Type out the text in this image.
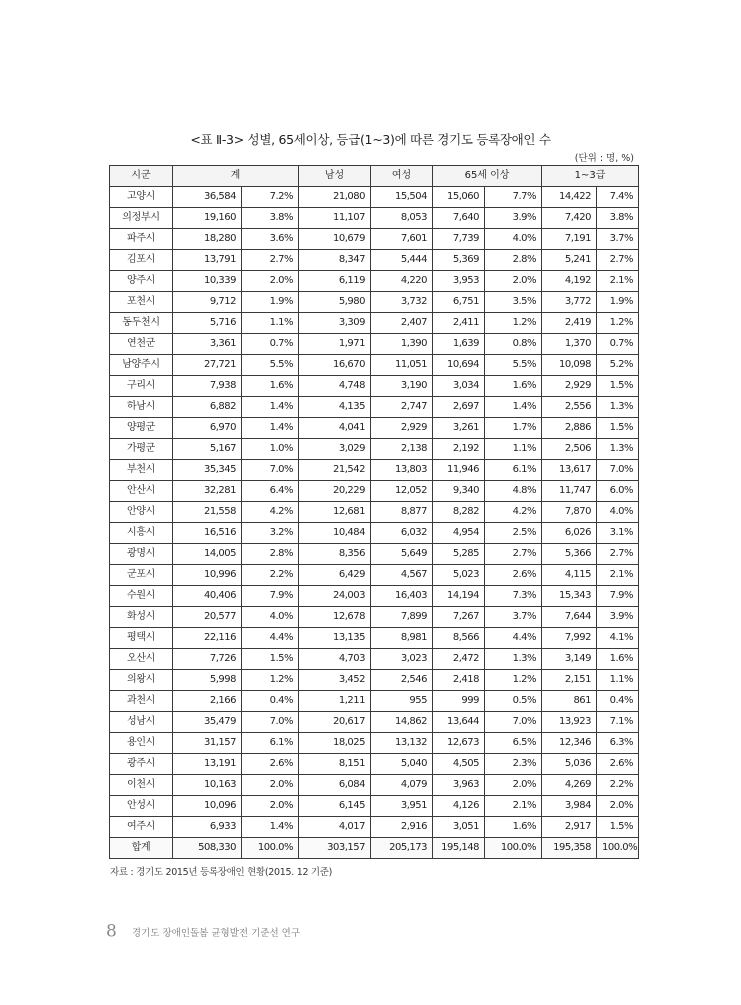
<표 Ⅱ-3> 성별, 65세이상, 등급(1~3)에 따른 경기도 등록장애인 수
(단위 : 명, %)
시군	계		남성	여성	65세 이상		1~3급	
고양시	36,584	7.2%	21,080	15,504	15,060	7.7%	14,422	7.4%
의정부시	19,160	3.8%	11,107	8,053	7,640	3.9%	7,420	3.8%
파주시	18,280	3.6%	10,679	7,601	7,739	4.0%	7,191	3.7%
김포시	13,791	2.7%	8,347	5,444	5,369	2.8%	5,241	2.7%
양주시	10,339	2.0%	6,119	4,220	3,953	2.0%	4,192	2.1%
포천시	9,712	1.9%	5,980	3,732	6,751	3.5%	3,772	1.9%
동두천시	5,716	1.1%	3,309	2,407	2,411	1.2%	2,419	1.2%
연천군	3,361	0.7%	1,971	1,390	1,639	0.8%	1,370	0.7%
남양주시	27,721	5.5%	16,670	11,051	10,694	5.5%	10,098	5.2%
구리시	7,938	1.6%	4,748	3,190	3,034	1.6%	2,929	1.5%
하남시	6,882	1.4%	4,135	2,747	2,697	1.4%	2,556	1.3%
양평군	6,970	1.4%	4,041	2,929	3,261	1.7%	2,886	1.5%
가평군	5,167	1.0%	3,029	2,138	2,192	1.1%	2,506	1.3%
부천시	35,345	7.0%	21,542	13,803	11,946	6.1%	13,617	7.0%
안산시	32,281	6.4%	20,229	12,052	9,340	4.8%	11,747	6.0%
안양시	21,558	4.2%	12,681	8,877	8,282	4.2%	7,870	4.0%
시흥시	16,516	3.2%	10,484	6,032	4,954	2.5%	6,026	3.1%
광명시	14,005	2.8%	8,356	5,649	5,285	2.7%	5,366	2.7%
군포시	10,996	2.2%	6,429	4,567	5,023	2.6%	4,115	2.1%
수원시	40,406	7.9%	24,003	16,403	14,194	7.3%	15,343	7.9%
화성시	20,577	4.0%	12,678	7,899	7,267	3.7%	7,644	3.9%
평택시	22,116	4.4%	13,135	8,981	8,566	4.4%	7,992	4.1%
오산시	7,726	1.5%	4,703	3,023	2,472	1.3%	3,149	1.6%
의왕시	5,998	1.2%	3,452	2,546	2,418	1.2%	2,151	1.1%
과천시	2,166	0.4%	1,211	955	999	0.5%	861	0.4%
성남시	35,479	7.0%	20,617	14,862	13,644	7.0%	13,923	7.1%
용인시	31,157	6.1%	18,025	13,132	12,673	6.5%	12,346	6.3%
광주시	13,191	2.6%	8,151	5,040	4,505	2.3%	5,036	2.6%
이천시	10,163	2.0%	6,084	4,079	3,963	2.0%	4,269	2.2%
안성시	10,096	2.0%	6,145	3,951	4,126	2.1%	3,984	2.0%
여주시	6,933	1.4%	4,017	2,916	3,051	1.6%	2,917	1.5%
합계	508,330	100.0%	303,157	205,173	195,148	100.0%	195,358	100.0%
자료 : 경기도 2015년 등록장애인 현황(2015. 12 기준)
8 경기도 장애인돌봄 균형발전 기준선 연구
